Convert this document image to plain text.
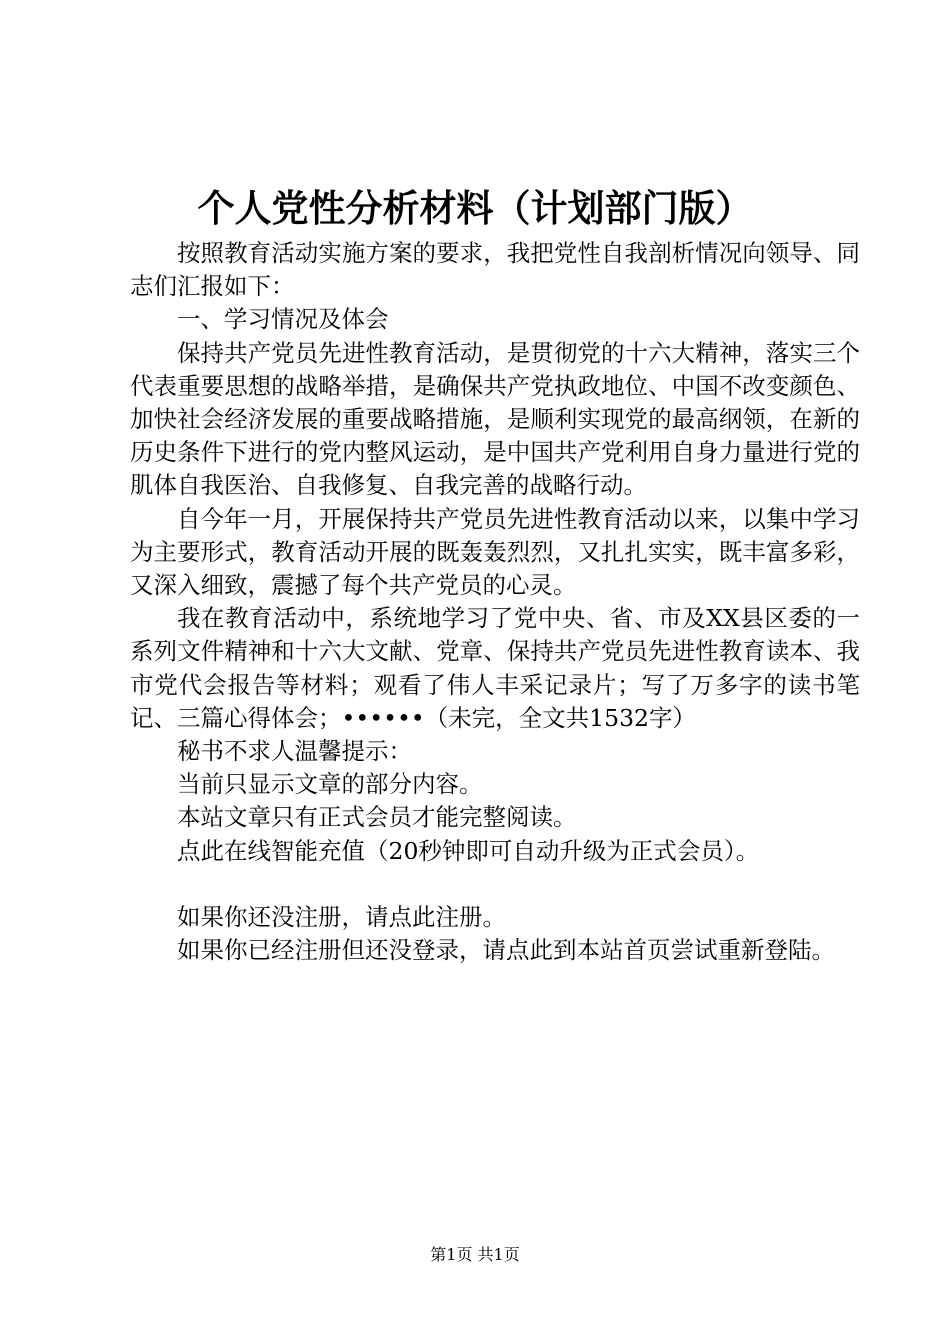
个人党性分析材料（计划部门版）

按照教育活动实施方案的要求，我把党性自我剖析情况向领导、同志们汇报如下：

一、学习情况及体会

保持共产党员先进性教育活动，是贯彻党的十六大精神，落实三个代表重要思想的战略举措，是确保共产党执政地位、中国不改变颜色、加快社会经济发展的重要战略措施，是顺利实现党的最高纲领，在新的历史条件下进行的党内整风运动，是中国共产党利用自身力量进行党的肌体自我医治、自我修复、自我完善的战略行动。

自今年一月，开展保持共产党员先进性教育活动以来，以集中学习为主要形式，教育活动开展的既轰轰烈烈，又扎扎实实，既丰富多彩，又深入细致，震撼了每个共产党员的心灵。

我在教育活动中，系统地学习了党中央、省、市及XX县区委的一系列文件精神和十六大文献、党章、保持共产党员先进性教育读本、我市党代会报告等材料；观看了伟人丰采记录片；写了万多字的读书笔记、三篇心得体会；••••••（未完，全文共1532字）

秘书不求人温馨提示：

当前只显示文章的部分内容。

本站文章只有正式会员才能完整阅读。

点此在线智能充值（20秒钟即可自动升级为正式会员）。

如果你还没注册，请点此注册。

如果你已经注册但还没登录，请点此到本站首页尝试重新登陆。

第1页 共1页
